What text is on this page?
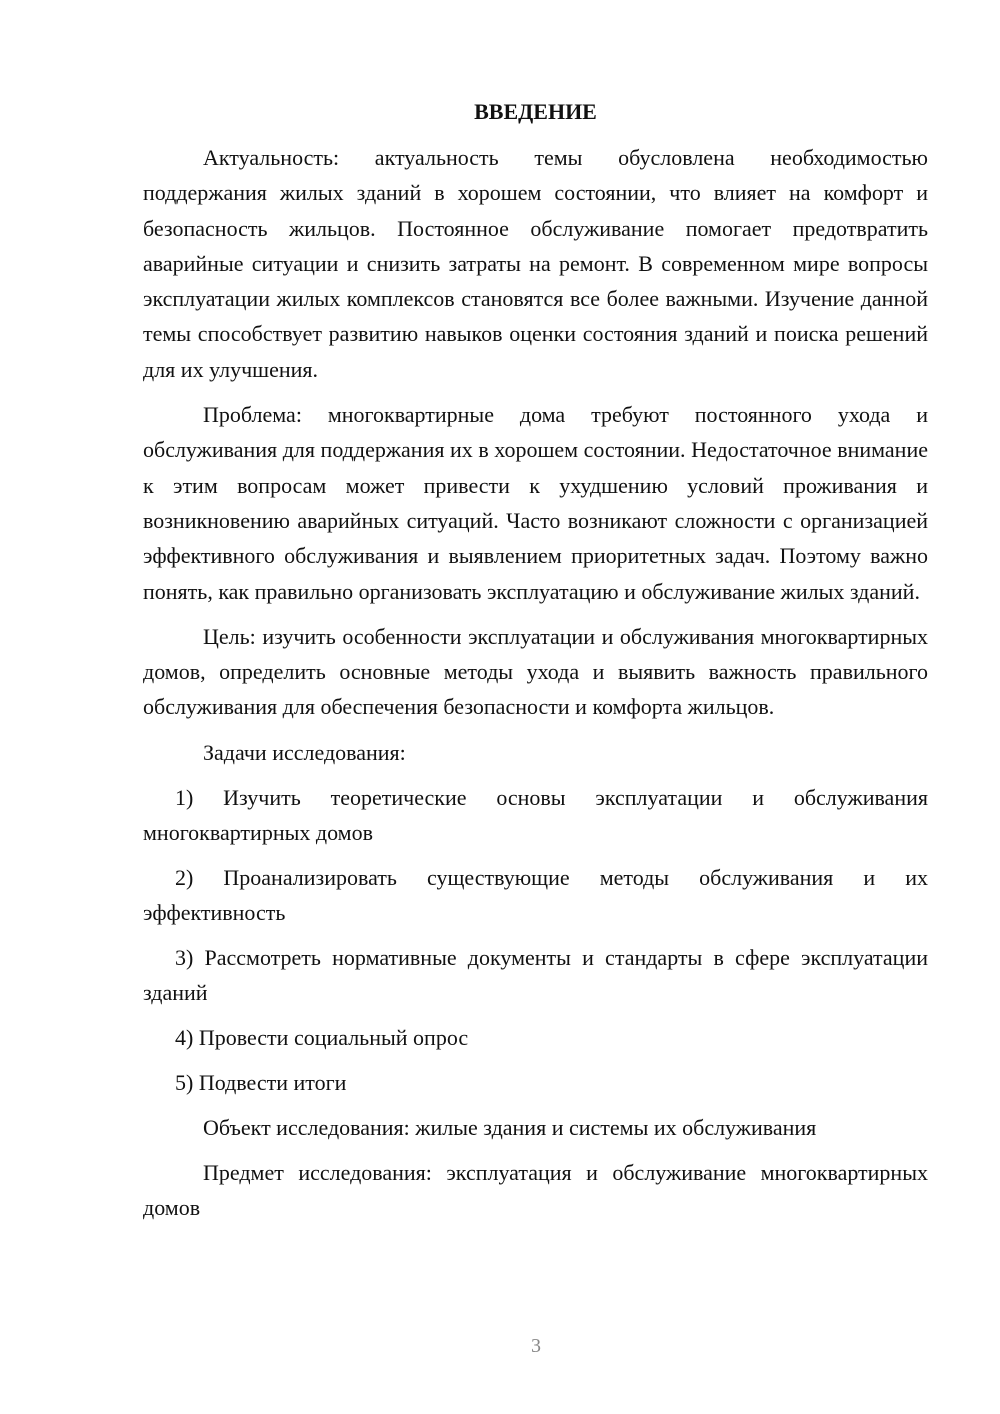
ВВЕДЕНИЕ

Актуальность: актуальность темы обусловлена необходимостью поддержания жилых зданий в хорошем состоянии, что влияет на комфорт и безопасность жильцов. Постоянное обслуживание помогает предотвратить аварийные ситуации и снизить затраты на ремонт. В современном мире вопросы эксплуатации жилых комплексов становятся все более важными. Изучение данной темы способствует развитию навыков оценки состояния зданий и поиска решений для их улучшения.

Проблема: многоквартирные дома требуют постоянного ухода и обслуживания для поддержания их в хорошем состоянии. Недостаточное внимание к этим вопросам может привести к ухудшению условий проживания и возникновению аварийных ситуаций. Часто возникают сложности с организацией эффективного обслуживания и выявлением приоритетных задач. Поэтому важно понять, как правильно организовать эксплуатацию и обслуживание жилых зданий.

Цель: изучить особенности эксплуатации и обслуживания многоквартирных домов, определить основные методы ухода и выявить важность правильного обслуживания для обеспечения безопасности и комфорта жильцов.

Задачи исследования:

1) Изучить теоретические основы эксплуатации и обслуживания многоквартирных домов

2) Проанализировать существующие методы обслуживания и их эффективность

3) Рассмотреть нормативные документы и стандарты в сфере эксплуатации зданий

4) Провести социальный опрос

5) Подвести итоги

Объект исследования: жилые здания и системы их обслуживания

Предмет исследования: эксплуатация и обслуживание многоквартирных домов

3
